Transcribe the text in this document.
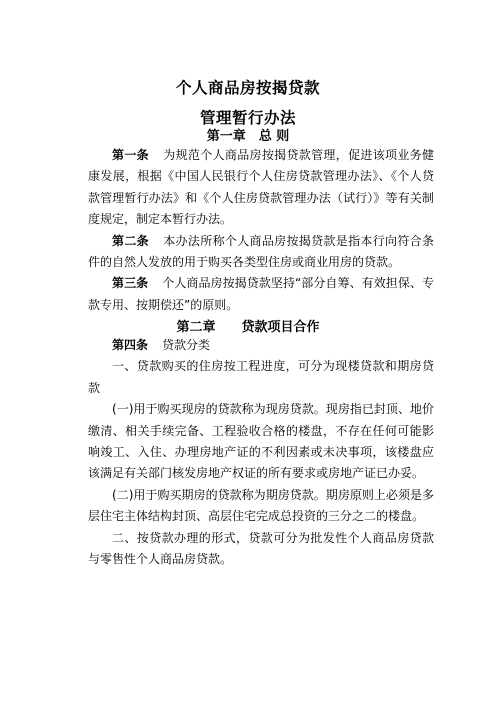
个人商品房按揭贷款
管理暂行办法
第一章　总 则

第一条 为规范个人商品房按揭贷款管理，促进该项业务健康发展，根据《中国人民银行个人住房贷款管理办法》、《个人贷款管理暂行办法》和《个人住房贷款管理办法（试行）》等有关制度规定，制定本暂行办法。

第二条 本办法所称个人商品房按揭贷款是指本行向符合条件的自然人发放的用于购买各类型住房或商业用房的贷款。

第三条 个人商品房按揭贷款坚持“部分自筹、有效担保、专款专用、按期偿还”的原则。

第二章　　贷款项目合作

第四条 贷款分类

一、贷款购买的住房按工程进度，可分为现楼贷款和期房贷款

(一)用于购买现房的贷款称为现房贷款。现房指已封顶、地价缴清、相关手续完备、工程验收合格的楼盘，不存在任何可能影响竣工、入住、办理房地产证的不利因素或未决事项，该楼盘应该满足有关部门核发房地产权证的所有要求或房地产证已办妥。

(二)用于购买期房的贷款称为期房贷款。期房原则上必须是多层住宅主体结构封顶、高层住宅完成总投资的三分之二的楼盘。

二、按贷款办理的形式，贷款可分为批发性个人商品房贷款与零售性个人商品房贷款。
